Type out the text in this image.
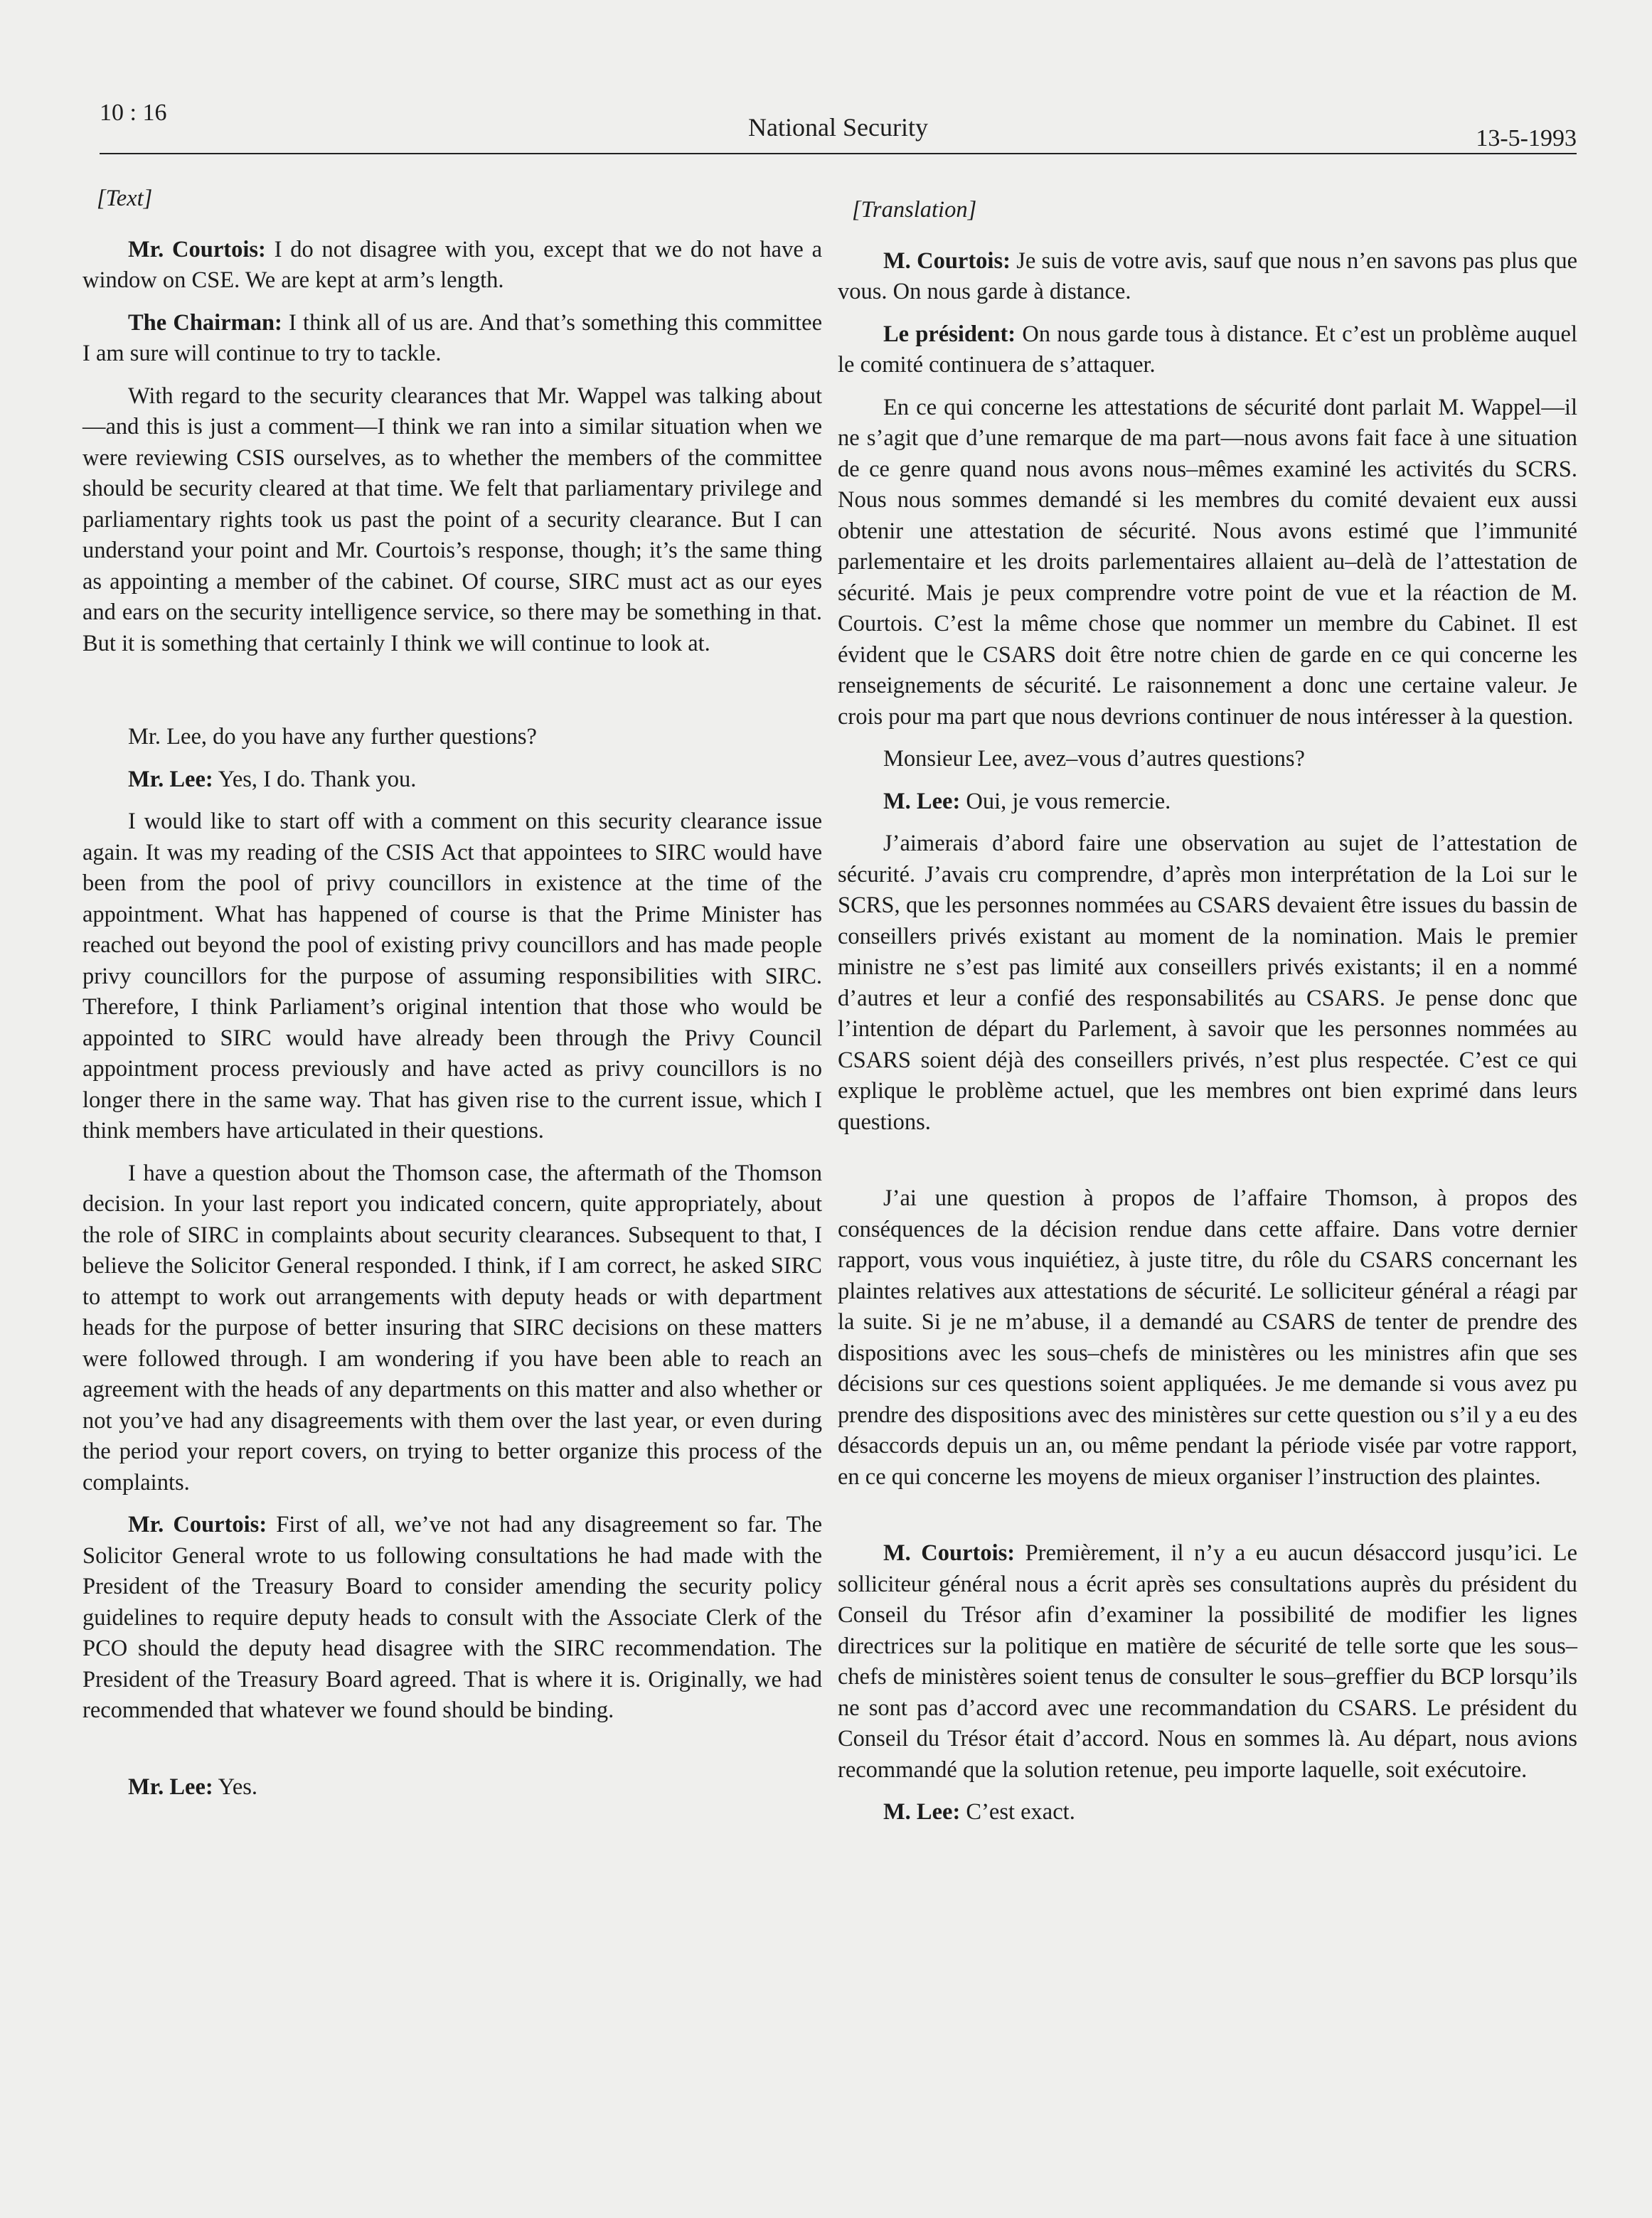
10 : 16
National Security	13-5-1993
[Text]

Mr. Courtois: I do not disagree with you, except that we do not have a window on CSE. We are kept at arm’s length.

The Chairman: I think all of us are. And that’s something this committee I am sure will continue to try to tackle.

With regard to the security clearances that Mr. Wappel was talking about—and this is just a comment—I think we ran into a similar situation when we were reviewing CSIS ourselves, as to whether the members of the committee should be security cleared at that time. We felt that parliamentary privilege and parliamentary rights took us past the point of a security clearance. But I can understand your point and Mr. Courtois’s response, though; it’s the same thing as appointing a member of the cabinet. Of course, SIRC must act as our eyes and ears on the security intelligence service, so there may be something in that. But it is something that certainly I think we will continue to look at.

Mr. Lee, do you have any further questions?

Mr. Lee: Yes, I do. Thank you.

I would like to start off with a comment on this security clearance issue again. It was my reading of the CSIS Act that appointees to SIRC would have been from the pool of privy councillors in existence at the time of the appointment. What has happened of course is that the Prime Minister has reached out beyond the pool of existing privy councillors and has made people privy councillors for the purpose of assuming responsibilities with SIRC. Therefore, I think Parliament’s original intention that those who would be appointed to SIRC would have already been through the Privy Council appointment process previously and have acted as privy councillors is no longer there in the same way. That has given rise to the current issue, which I think members have articulated in their questions.

I have a question about the Thomson case, the aftermath of the Thomson decision. In your last report you indicated concern, quite appropriately, about the role of SIRC in complaints about security clearances. Subsequent to that, I believe the Solicitor General responded. I think, if I am correct, he asked SIRC to attempt to work out arrangements with deputy heads or with department heads for the purpose of better insuring that SIRC decisions on these matters were followed through. I am wondering if you have been able to reach an agreement with the heads of any departments on this matter and also whether or not you’ve had any disagreements with them over the last year, or even during the period your report covers, on trying to better organize this process of the complaints.

Mr. Courtois: First of all, we’ve not had any disagreement so far. The Solicitor General wrote to us following consultations he had made with the President of the Treasury Board to consider amending the security policy guidelines to require deputy heads to consult with the Associate Clerk of the PCO should the deputy head disagree with the SIRC recommendation. The President of the Treasury Board agreed. That is where it is. Originally, we had recommended that whatever we found should be binding.

Mr. Lee: Yes.

[Translation]

M. Courtois: Je suis de votre avis, sauf que nous n’en savons pas plus que vous. On nous garde à distance.

Le président: On nous garde tous à distance. Et c’est un problème auquel le comité continuera de s’attaquer.

En ce qui concerne les attestations de sécurité dont parlait M. Wappel—il ne s’agit que d’une remarque de ma part—nous avons fait face à une situation de ce genre quand nous avons nous–mêmes examiné les activités du SCRS. Nous nous sommes demandé si les membres du comité devaient eux aussi obtenir une attestation de sécurité. Nous avons estimé que l’immunité parlementaire et les droits parlementaires allaient au–delà de l’attestation de sécurité. Mais je peux comprendre votre point de vue et la réaction de M. Courtois. C’est la même chose que nommer un membre du Cabinet. Il est évident que le CSARS doit être notre chien de garde en ce qui concerne les renseignements de sécurité. Le raisonnement a donc une certaine valeur. Je crois pour ma part que nous devrions continuer de nous intéresser à la question.

Monsieur Lee, avez–vous d’autres questions?

M. Lee: Oui, je vous remercie.

J’aimerais d’abord faire une observation au sujet de l’attestation de sécurité. J’avais cru comprendre, d’après mon interprétation de la Loi sur le SCRS, que les personnes nommées au CSARS devaient être issues du bassin de conseillers privés existant au moment de la nomination. Mais le premier ministre ne s’est pas limité aux conseillers privés existants; il en a nommé d’autres et leur a confié des responsabilités au CSARS. Je pense donc que l’intention de départ du Parlement, à savoir que les personnes nommées au CSARS soient déjà des conseillers privés, n’est plus respectée. C’est ce qui explique le problème actuel, que les membres ont bien exprimé dans leurs questions.

J’ai une question à propos de l’affaire Thomson, à propos des conséquences de la décision rendue dans cette affaire. Dans votre dernier rapport, vous vous inquiétiez, à juste titre, du rôle du CSARS concernant les plaintes relatives aux attestations de sécurité. Le solliciteur général a réagi par la suite. Si je ne m’abuse, il a demandé au CSARS de tenter de prendre des dispositions avec les sous–chefs de ministères ou les ministres afin que ses décisions sur ces questions soient appliquées. Je me demande si vous avez pu prendre des dispositions avec des ministères sur cette question ou s’il y a eu des désaccords depuis un an, ou même pendant la période visée par votre rapport, en ce qui concerne les moyens de mieux organiser l’instruction des plaintes.

M. Courtois: Premièrement, il n’y a eu aucun désaccord jusqu’ici. Le solliciteur général nous a écrit après ses consultations auprès du président du Conseil du Trésor afin d’examiner la possibilité de modifier les lignes directrices sur la politique en matière de sécurité de telle sorte que les sous–chefs de ministères soient tenus de consulter le sous–greffier du BCP lorsqu’ils ne sont pas d’accord avec une recommandation du CSARS. Le président du Conseil du Trésor était d’accord. Nous en sommes là. Au départ, nous avions recommandé que la solution retenue, peu importe laquelle, soit exécutoire.

M. Lee: C’est exact.
